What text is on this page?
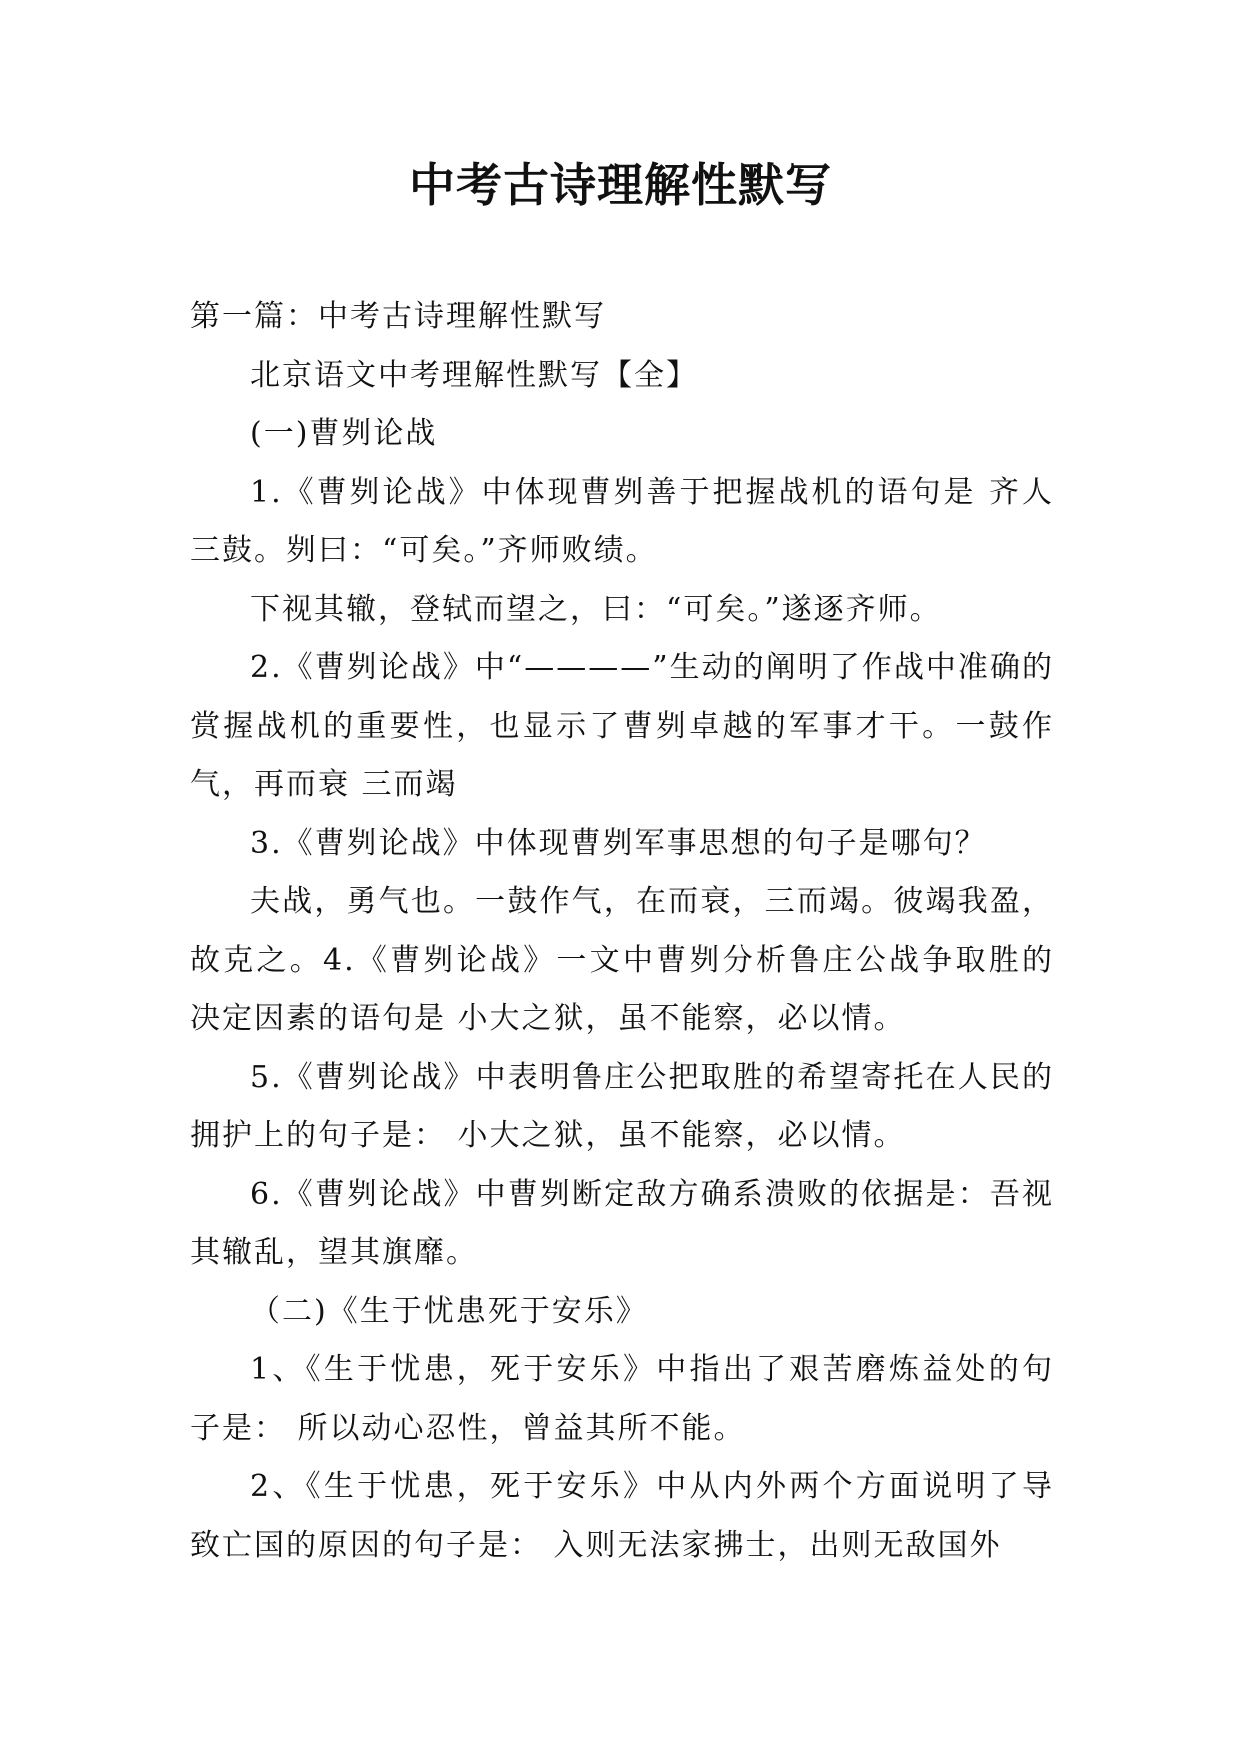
中考古诗理解性默写

第一篇：中考古诗理解性默写

北京语文中考理解性默写【全】

(一)曹刿论战

1.《曹刿论战》中体现曹刿善于把握战机的语句是 齐人三鼓。刿曰：“可矣。”齐师败绩。

下视其辙，登轼而望之，曰：“可矣。”遂逐齐师。

2.《曹刿论战》中“————”生动的阐明了作战中准确的赏握战机的重要性，也显示了曹刿卓越的军事才干。一鼓作气，再而衰 三而竭

3.《曹刿论战》中体现曹刿军事思想的句子是哪句？

夫战，勇气也。一鼓作气，在而衰，三而竭。彼竭我盈，故克之。4.《曹刿论战》一文中曹刿分析鲁庄公战争取胜的决定因素的语句是 小大之狱，虽不能察，必以情。

5.《曹刿论战》中表明鲁庄公把取胜的希望寄托在人民的拥护上的句子是： 小大之狱，虽不能察，必以情。

6.《曹刿论战》中曹刿断定敌方确系溃败的依据是：吾视其辙乱，望其旗靡。

（二)《生于忧患死于安乐》

1、《生于忧患，死于安乐》中指出了艰苦磨炼益处的句子是： 所以动心忍性，曾益其所不能。

2、《生于忧患，死于安乐》中从内外两个方面说明了导致亡国的原因的句子是： 入则无法家拂士，出则无敌国外
